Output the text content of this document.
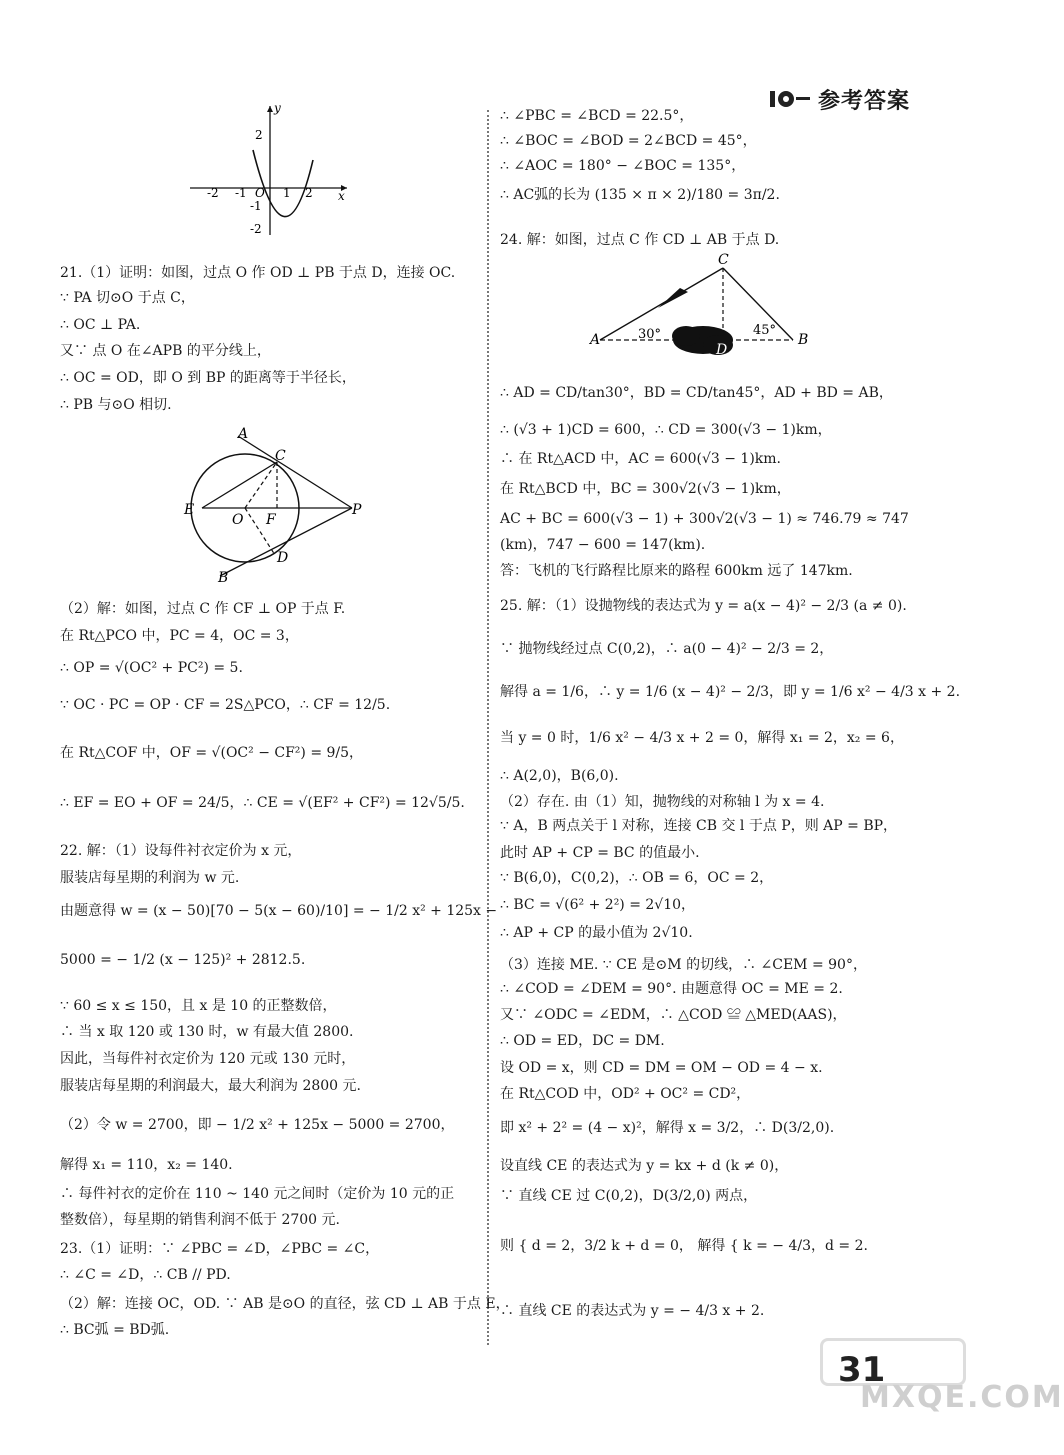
参考答案
y
x
2
-1
-2
-2 -1 O 1 2
A
C
E
O F
P
D
B
A
C
B
D
30°	45°

21.（1）证明：如图，过点 O 作 OD ⊥ PB 于点 D，连接 OC.

∵ PA 切⊙O 于点 C，

∴ OC ⊥ PA.

又∵ 点 O 在∠APB 的平分线上，

∴ OC = OD，即 O 到 BP 的距离等于半径长，

∴ PB 与⊙O 相切.

（2）解：如图，过点 C 作 CF ⊥ OP 于点 F.

在 Rt△PCO 中，PC = 4，OC = 3，

∴ OP = √(OC² + PC²) = 5.

∵ OC · PC = OP · CF = 2S△PCO，∴ CF = 12/5.

在 Rt△COF 中，OF = √(OC² − CF²) = 9/5，

∴ EF = EO + OF = 24/5，∴ CE = √(EF² + CF²) = 12√5/5.

22. 解：（1）设每件衬衣定价为 x 元，

服装店每星期的利润为 w 元.

由题意得 w = (x − 50)[70 − 5(x − 60)/10] = − 1/2 x² + 125x −

5000 = − 1/2 (x − 125)² + 2812.5.

∵ 60 ≤ x ≤ 150，且 x 是 10 的正整数倍，

∴ 当 x 取 120 或 130 时，w 有最大值 2800.

因此，当每件衬衣定价为 120 元或 130 元时，

服装店每星期的利润最大，最大利润为 2800 元.

（2）令 w = 2700，即 − 1/2 x² + 125x − 5000 = 2700，

解得 x₁ = 110，x₂ = 140.

∴ 每件衬衣的定价在 110 ~ 140 元之间时（定价为 10 元的正

整数倍），每星期的销售利润不低于 2700 元.

23.（1）证明：∵ ∠PBC = ∠D，∠PBC = ∠C，

∴ ∠C = ∠D，∴ CB // PD.

（2）解：连接 OC，OD. ∵ AB 是⊙O 的直径，弦 CD ⊥ AB 于点 E，

∴ BC弧 = BD弧.

∴ ∠PBC = ∠BCD = 22.5°，

∴ ∠BOC = ∠BOD = 2∠BCD = 45°，

∴ ∠AOC = 180° − ∠BOC = 135°，

∴ AC弧的长为 (135 × π × 2)/180 = 3π/2.

24. 解：如图，过点 C 作 CD ⊥ AB 于点 D.

∴ AD = CD/tan30°，BD = CD/tan45°，AD + BD = AB，

∴ (√3 + 1)CD = 600，∴ CD = 300(√3 − 1)km，

∴ 在 Rt△ACD 中，AC = 600(√3 − 1)km.

在 Rt△BCD 中，BC = 300√2(√3 − 1)km，

AC + BC = 600(√3 − 1) + 300√2(√3 − 1) ≈ 746.79 ≈ 747

(km)，747 − 600 = 147(km).

答：飞机的飞行路程比原来的路程 600km 远了 147km.

25. 解：（1）设抛物线的表达式为 y = a(x − 4)² − 2/3 (a ≠ 0).

∵ 抛物线经过点 C(0,2)，∴ a(0 − 4)² − 2/3 = 2，

解得 a = 1/6，∴ y = 1/6 (x − 4)² − 2/3，即 y = 1/6 x² − 4/3 x + 2.

当 y = 0 时，1/6 x² − 4/3 x + 2 = 0，解得 x₁ = 2，x₂ = 6，

∴ A(2,0)，B(6,0).

（2）存在. 由（1）知，抛物线的对称轴 l 为 x = 4.

∵ A，B 两点关于 l 对称，连接 CB 交 l 于点 P，则 AP = BP，

此时 AP + CP = BC 的值最小.

∵ B(6,0)，C(0,2)，∴ OB = 6，OC = 2，

∴ BC = √(6² + 2²) = 2√10，

∴ AP + CP 的最小值为 2√10.

（3）连接 ME. ∵ CE 是⊙M 的切线，∴ ∠CEM = 90°，

∴ ∠COD = ∠DEM = 90°. 由题意得 OC = ME = 2.

又∵ ∠ODC = ∠EDM，∴ △COD ≌ △MED(AAS)，

∴ OD = ED，DC = DM.

设 OD = x，则 CD = DM = OM − OD = 4 − x.

在 Rt△COD 中，OD² + OC² = CD²，

即 x² + 2² = (4 − x)²，解得 x = 3/2，∴ D(3/2,0).

设直线 CE 的表达式为 y = kx + d (k ≠ 0)，

∵ 直线 CE 过 C(0,2)，D(3/2,0) 两点，

则 { d = 2，3/2 k + d = 0， 解得 { k = − 4/3，d = 2.

∴ 直线 CE 的表达式为 y = − 4/3 x + 2.

31
MXQE.COM
